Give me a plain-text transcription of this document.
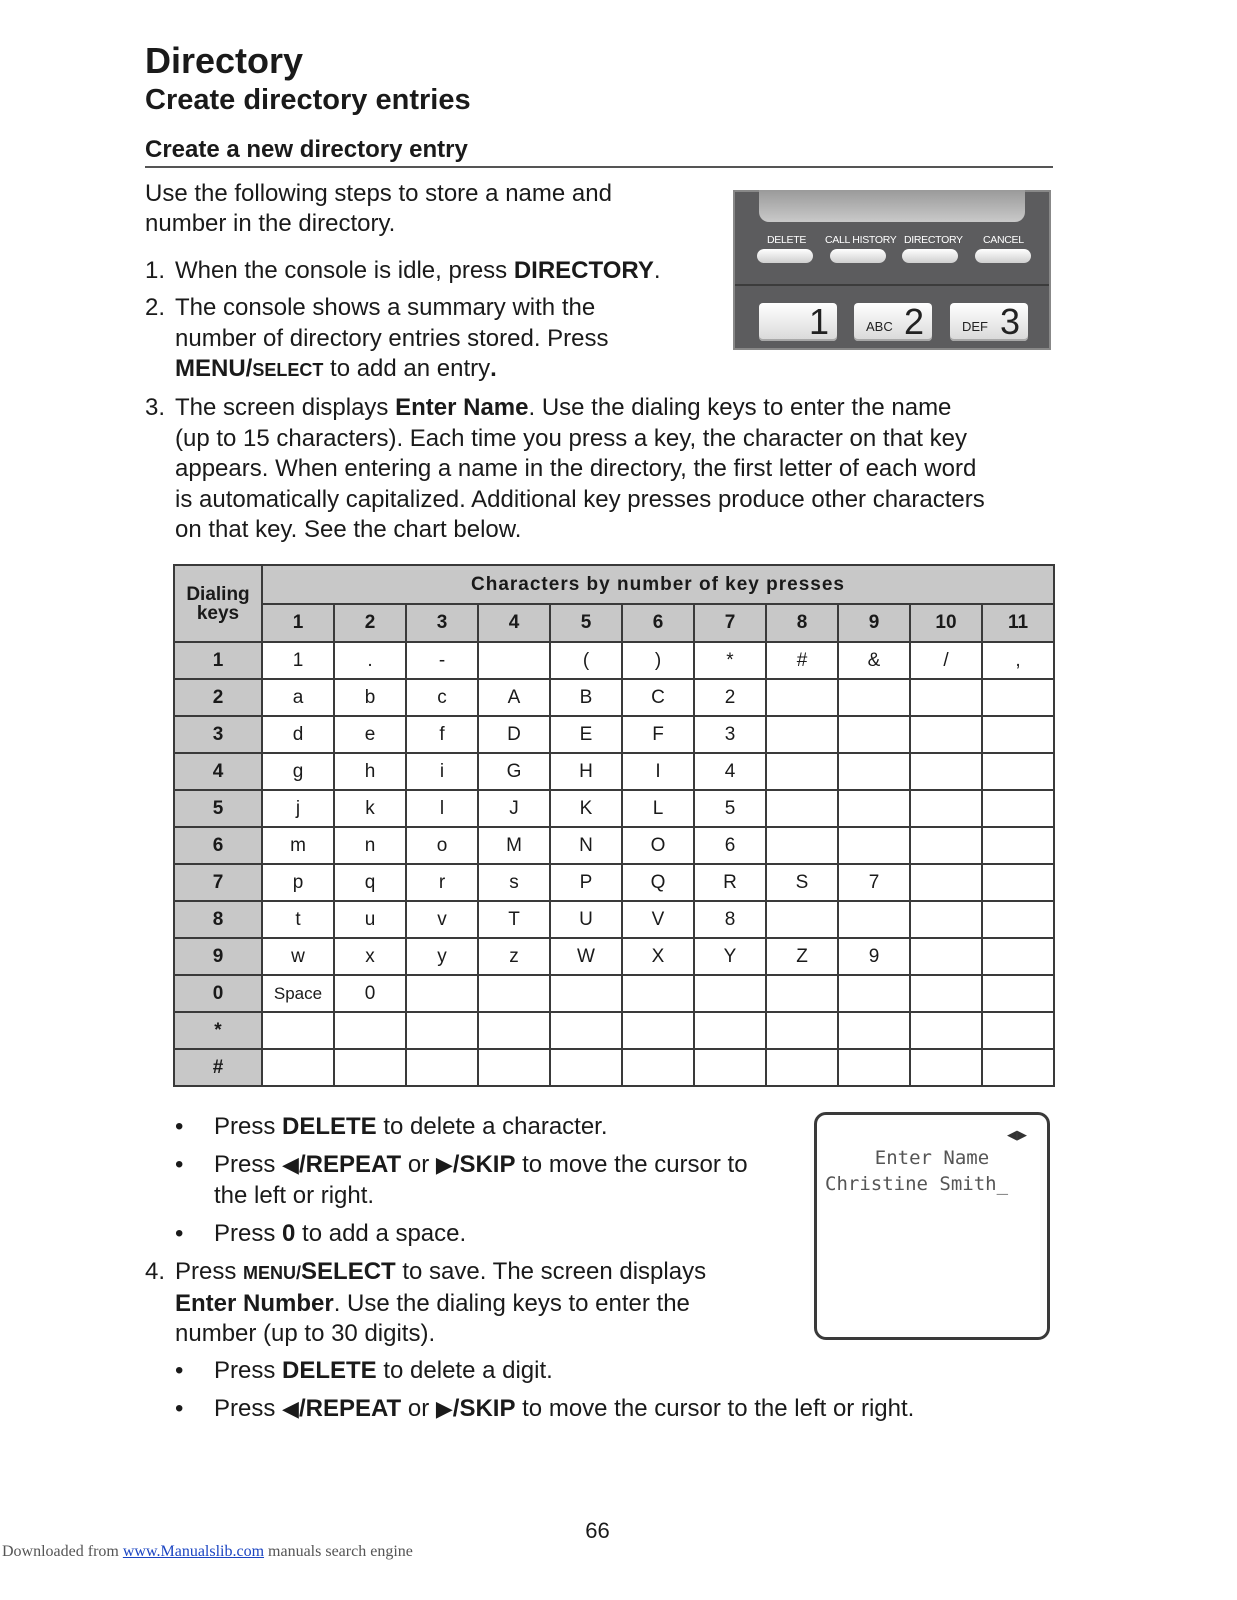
Directory
Create directory entries
Create a new directory entry
Use the following steps to store a name and
number in the directory.
1. When the console is idle, press DIRECTORY.
2. The console shows a summary with the
number of directory entries stored. Press
MENU/SELECT to add an entry.
DELETE CALL HISTORY DIRECTORY CANCEL
1	ABC 2	DEF 3
3. The screen displays Enter Name. Use the dialing keys to enter the name
(up to 15 characters). Each time you press a key, the character on that key
appears. When entering a name in the directory, the first letter of each word
is automatically capitalized. Additional key presses produce other characters
on that key. See the chart below.
Dialing
keys	Characters by number of key presses										
	1	2	3	4	5	6	7	8	9	10	11
1	1	.	-		(	)	*	#	&	/	,
2	a	b	c	A	B	C	2				
3	d	e	f	D	E	F	3				
4	g	h	i	G	H	I	4				
5	j	k	l	J	K	L	5				
6	m	n	o	M	N	O	6				
7	p	q	r	s	P	Q	R	S	7		
8	t	u	v	T	U	V	8				
9	w	x	y	z	W	X	Y	Z	9		
0	Space	0									
*											
#											
• Press DELETE to delete a character.
• Press ◀/REPEAT or ▶/SKIP to move the cursor to
the left or right.
• Press 0 to add a space.
◀▶
Enter Name
Christine Smith_
4. Press MENU/SELECT to save. The screen displays
Enter Number. Use the dialing keys to enter the
number (up to 30 digits).
• Press DELETE to delete a digit.
• Press ◀/REPEAT or ▶/SKIP to move the cursor to the left or right.
66
Downloaded from www.Manualslib.com manuals search engine
